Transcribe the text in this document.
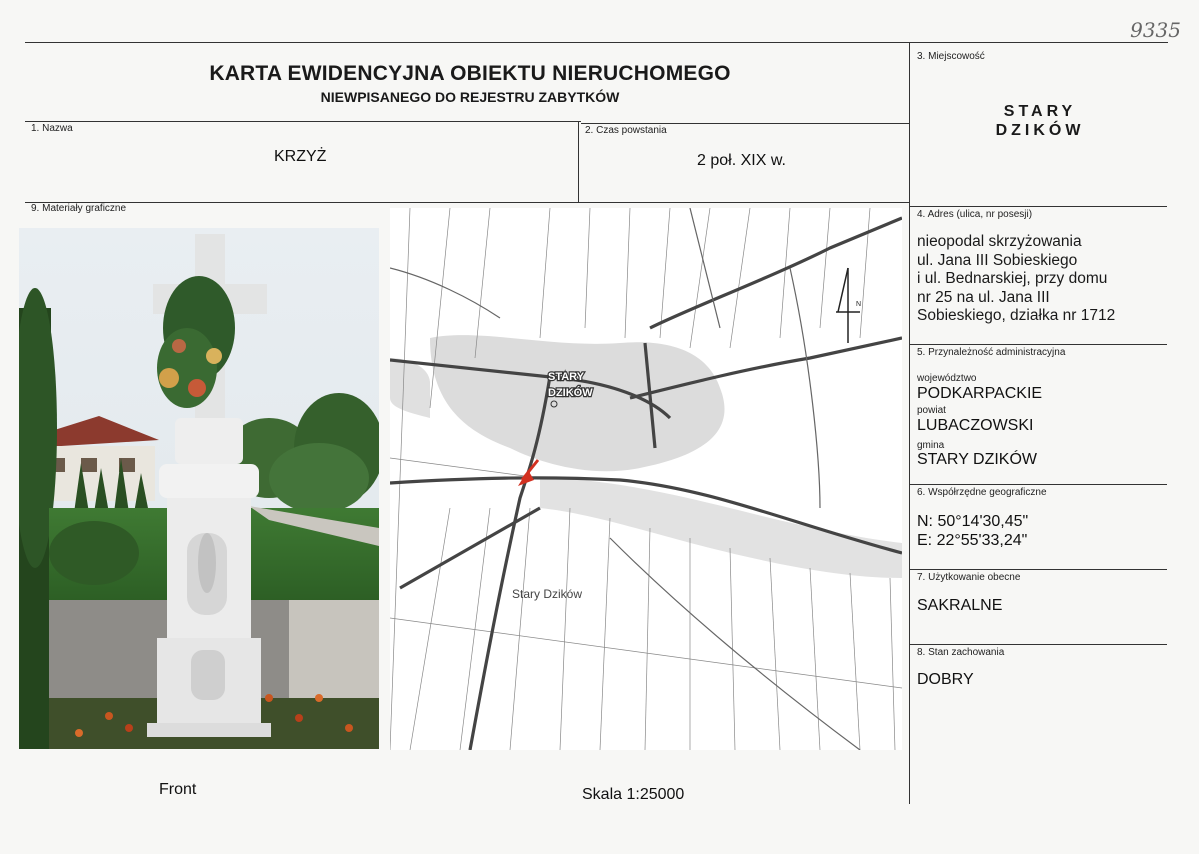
9335
KARTA EWIDENCYJNA OBIEKTU NIERUCHOMEGO
NIEWPISANEGO DO REJESTRU ZABYTKÓW
1. Nazwa
KRZYŻ
2. Czas powstania
2 poł. XIX w.
3. Miejscowość
STARY
DZIKÓW
4. Adres (ulica, nr posesji)
nieopodal skrzyżowania
ul. Jana III Sobieskiego
i ul. Bednarskiej, przy domu
nr 25 na ul. Jana III
Sobieskiego, działka nr 1712
5. Przynależność administracyjna
województwo
PODKARPACKIE
powiat
LUBACZOWSKI
gmina
STARY DZIKÓW
6. Współrzędne geograficzne
N: 50°14'30,45"
E: 22°55'33,24"
7. Użytkowanie obecne
SAKRALNE
8. Stan zachowania
DOBRY
9. Materiały graficzne
N
STARY
DZIKÓW
Stary Dzików
Front	Skala 1:25000
